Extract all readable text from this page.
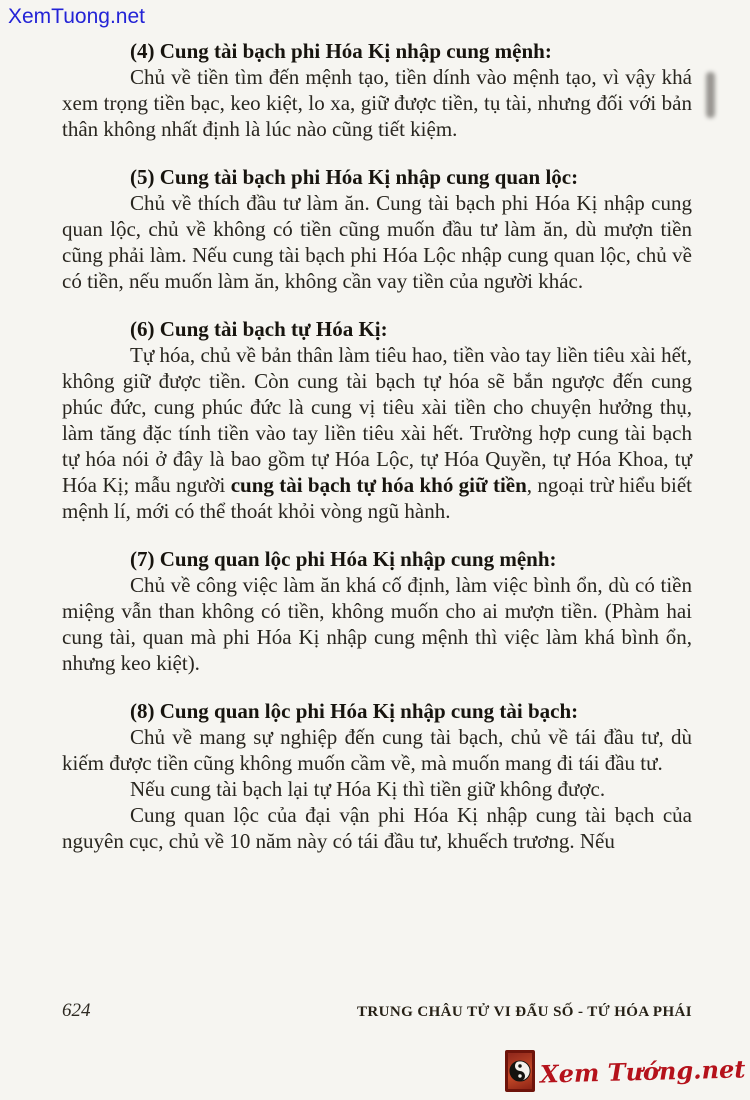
XemTuong.net
(4) Cung tài bạch phi Hóa Kị nhập cung mệnh:

Chủ về tiền tìm đến mệnh tạo, tiền dính vào mệnh tạo, vì vậy khá xem trọng tiền bạc, keo kiệt, lo xa, giữ được tiền, tụ tài, nhưng đối với bản thân không nhất định là lúc nào cũng tiết kiệm.

(5) Cung tài bạch phi Hóa Kị nhập cung quan lộc:

Chủ về thích đầu tư làm ăn. Cung tài bạch phi Hóa Kị nhập cung quan lộc, chủ về không có tiền cũng muốn đầu tư làm ăn, dù mượn tiền cũng phải làm. Nếu cung tài bạch phi Hóa Lộc nhập cung quan lộc, chủ về có tiền, nếu muốn làm ăn, không cần vay tiền của người khác.

(6) Cung tài bạch tự Hóa Kị:

Tự hóa, chủ về bản thân làm tiêu hao, tiền vào tay liền tiêu xài hết, không giữ được tiền. Còn cung tài bạch tự hóa sẽ bắn ngược đến cung phúc đức, cung phúc đức là cung vị tiêu xài tiền cho chuyện hưởng thụ, làm tăng đặc tính tiền vào tay liền tiêu xài hết. Trường hợp cung tài bạch tự hóa nói ở đây là bao gồm tự Hóa Lộc, tự Hóa Quyền, tự Hóa Khoa, tự Hóa Kị; mẫu người cung tài bạch tự hóa khó giữ tiền, ngoại trừ hiểu biết mệnh lí, mới có thể thoát khỏi vòng ngũ hành.

(7) Cung quan lộc phi Hóa Kị nhập cung mệnh:

Chủ về công việc làm ăn khá cố định, làm việc bình ổn, dù có tiền miệng vẫn than không có tiền, không muốn cho ai mượn tiền. (Phàm hai cung tài, quan mà phi Hóa Kị nhập cung mệnh thì việc làm khá bình ổn, nhưng keo kiệt).

(8) Cung quan lộc phi Hóa Kị nhập cung tài bạch:

Chủ về mang sự nghiệp đến cung tài bạch, chủ về tái đầu tư, dù kiếm được tiền cũng không muốn cầm về, mà muốn mang đi tái đầu tư.

Nếu cung tài bạch lại tự Hóa Kị thì tiền giữ không được.

Cung quan lộc của đại vận phi Hóa Kị nhập cung tài bạch của nguyên cục, chủ về 10 năm này có tái đầu tư, khuếch trương. Nếu

624	TRUNG CHÂU TỬ VI ĐẨU SỐ - TỨ HÓA PHÁI
Xem Tướng.net
